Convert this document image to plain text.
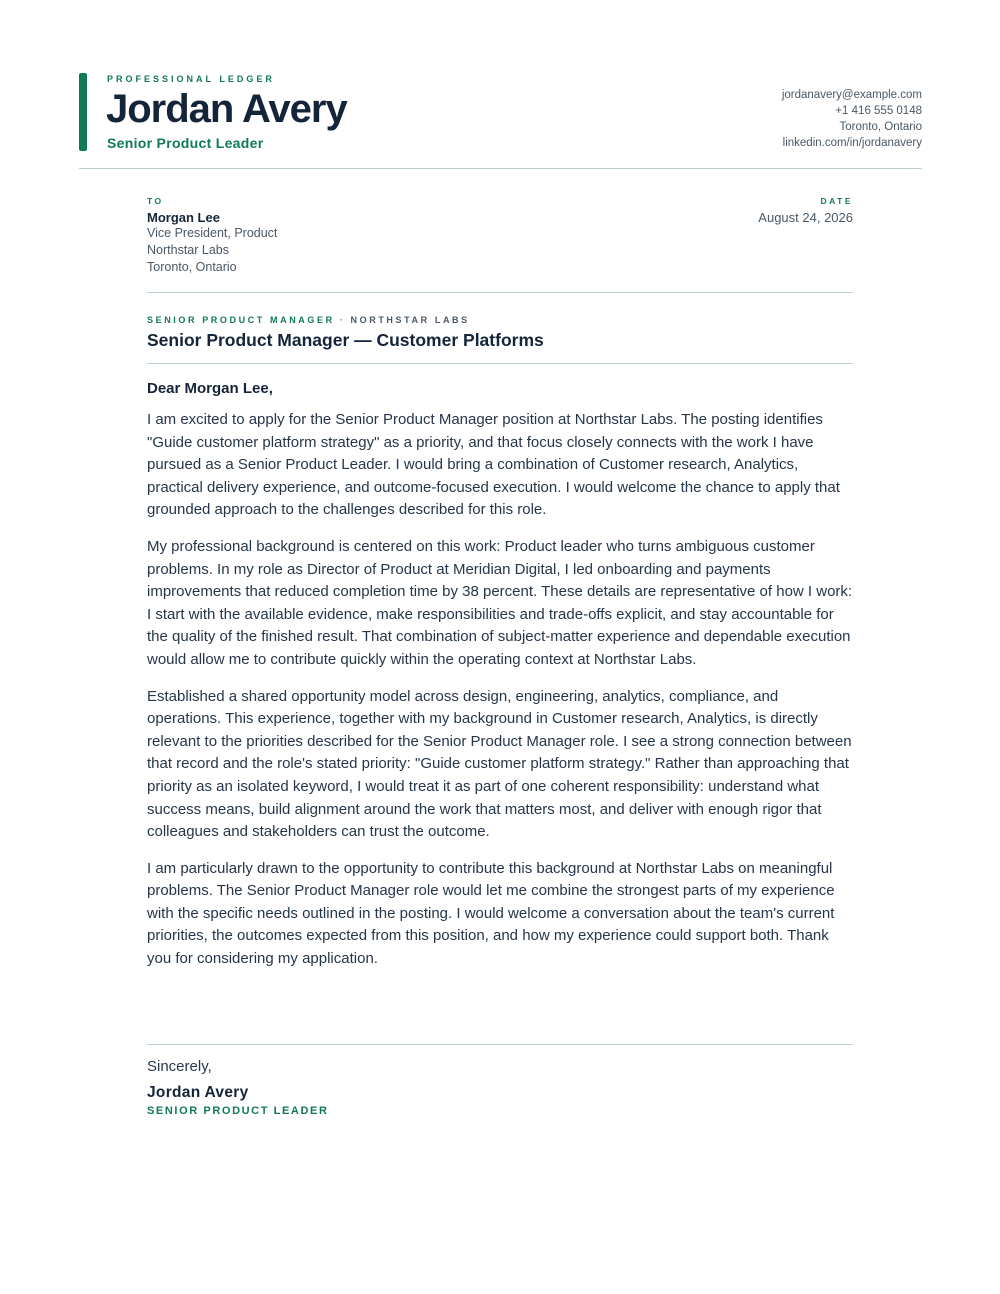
PROFESSIONAL LEDGER
Jordan Avery
Senior Product Leader
jordanavery@example.com
+1 416 555 0148
Toronto, Ontario
linkedin.com/in/jordanavery
TO
Morgan Lee
Vice President, Product
Northstar Labs
Toronto, Ontario
DATE
August 24, 2026
SENIOR PRODUCT MANAGER · NORTHSTAR LABS
Senior Product Manager — Customer Platforms
Dear Morgan Lee,

I am excited to apply for the Senior Product Manager position at Northstar Labs. The posting identifies "Guide customer platform strategy" as a priority, and that focus closely connects with the work I have pursued as a Senior Product Leader. I would bring a combination of Customer research, Analytics, practical delivery experience, and outcome-focused execution. I would welcome the chance to apply that grounded approach to the challenges described for this role.

My professional background is centered on this work: Product leader who turns ambiguous customer problems. In my role as Director of Product at Meridian Digital, I led onboarding and payments improvements that reduced completion time by 38 percent. These details are representative of how I work: I start with the available evidence, make responsibilities and trade-offs explicit, and stay accountable for the quality of the finished result. That combination of subject-matter experience and dependable execution would allow me to contribute quickly within the operating context at Northstar Labs.

Established a shared opportunity model across design, engineering, analytics, compliance, and operations. This experience, together with my background in Customer research, Analytics, is directly relevant to the priorities described for the Senior Product Manager role. I see a strong connection between that record and the role's stated priority: "Guide customer platform strategy." Rather than approaching that priority as an isolated keyword, I would treat it as part of one coherent responsibility: understand what success means, build alignment around the work that matters most, and deliver with enough rigor that colleagues and stakeholders can trust the outcome.

I am particularly drawn to the opportunity to contribute this background at Northstar Labs on meaningful problems. The Senior Product Manager role would let me combine the strongest parts of my experience with the specific needs outlined in the posting. I would welcome a conversation about the team's current priorities, the outcomes expected from this position, and how my experience could support both. Thank you for considering my application.

Sincerely,
Jordan Avery
SENIOR PRODUCT LEADER
